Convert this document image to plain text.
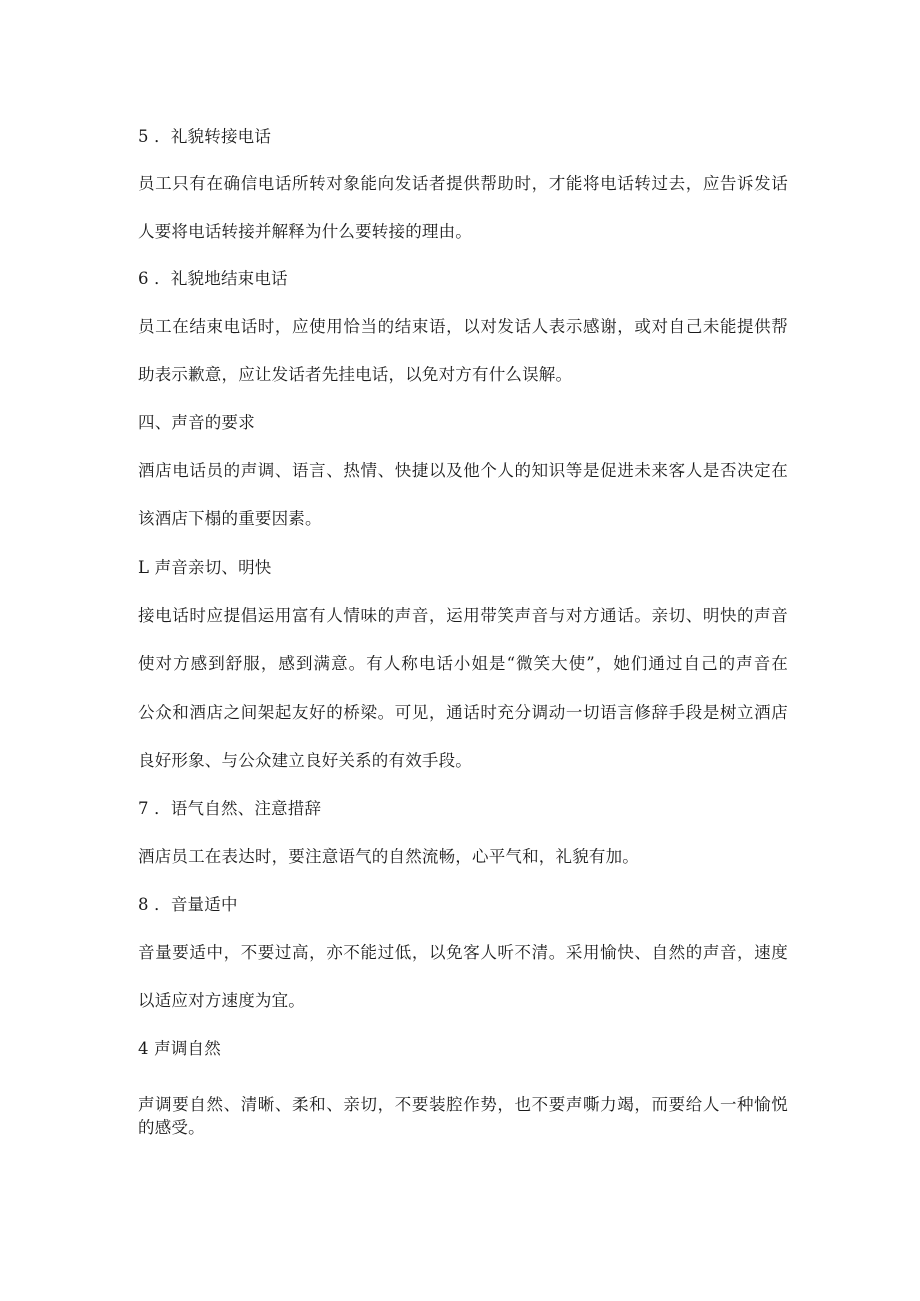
5 ．礼貌转接电话
员工只有在确信电话所转对象能向发话者提供帮助时，才能将电话转过去，应告诉发话
人要将电话转接并解释为什么要转接的理由。
6 ．礼貌地结束电话
员工在结束电话时，应使用恰当的结束语，以对发话人表示感谢，或对自己未能提供帮
助表示歉意，应让发话者先挂电话，以免对方有什么误解。
四、声音的要求
酒店电话员的声调、语言、热情、快捷以及他个人的知识等是促进未来客人是否决定在
该酒店下榻的重要因素。
L 声音亲切、明快
接电话时应提倡运用富有人情味的声音，运用带笑声音与对方通话。亲切、明快的声音
使对方感到舒服，感到满意。有人称电话小姐是“微笑大使”，她们通过自己的声音在
公众和酒店之间架起友好的桥梁。可见，通话时充分调动一切语言修辞手段是树立酒店
良好形象、与公众建立良好关系的有效手段。
7 ．语气自然、注意措辞
酒店员工在表达时，要注意语气的自然流畅，心平气和，礼貌有加。
8 ．音量适中
音量要适中，不要过高，亦不能过低，以免客人听不清。采用愉快、自然的声音，速度
以适应对方速度为宜。
4 声调自然
声调要自然、清晰、柔和、亲切，不要装腔作势，也不要声嘶力竭，而要给人一种愉悦
的感受。
